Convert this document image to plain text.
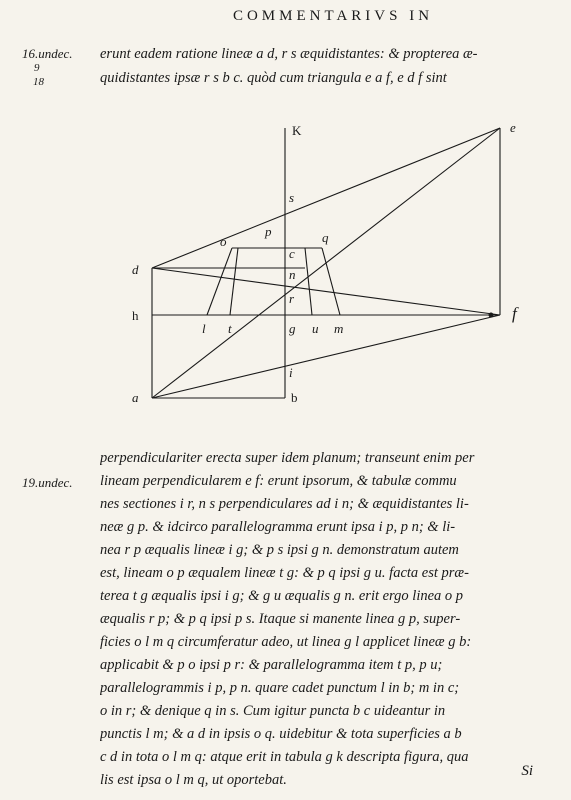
COMMENTARIVS IN
16.undec.
9
18
erunt eadem ratione lineæ a d, r s æquidistantes: & propterea æ-
quidistantes ipsæ r s b c. quòd cum triangula e a f, e d f sint
K	e
s
p
o	q
c
n
r
d
h	f
l t	g u m
i
a	b
19.undec.
perpendiculariter erecta super idem planum; transeunt enim per
lineam perpendicularem e f: erunt ipsorum, & tabulæ commu
nes sectiones i r, n s perpendiculares ad i n; & æquidistantes li-
neæ g p. & idcirco parallelogramma erunt ipsa i p, p n; & li-
nea r p æqualis lineæ i g; & p s ipsi g n. demonstratum autem
est, lineam o p æqualem lineæ t g: & p q ipsi g u. facta est præ-
terea t g æqualis ipsi i g; & g u æqualis g n. erit ergo linea o p
æqualis r p; & p q ipsi p s. Itaque si manente linea g p, super-
ficies o l m q circumferatur adeo, ut linea g l applicet lineæ g b:
applicabit & p o ipsi p r: & parallelogramma item t p, p u;
parallelogrammis i p, p n. quare cadet punctum l in b; m in c;
o in r; & denique q in s. Cum igitur puncta b c uideantur in
punctis l m; & a d in ipsis o q. uidebitur & tota superficies a b
c d in tota o l m q: atque erit in tabula g k descripta figura, qua
lis est ipsa o l m q, ut oportebat.
Si
